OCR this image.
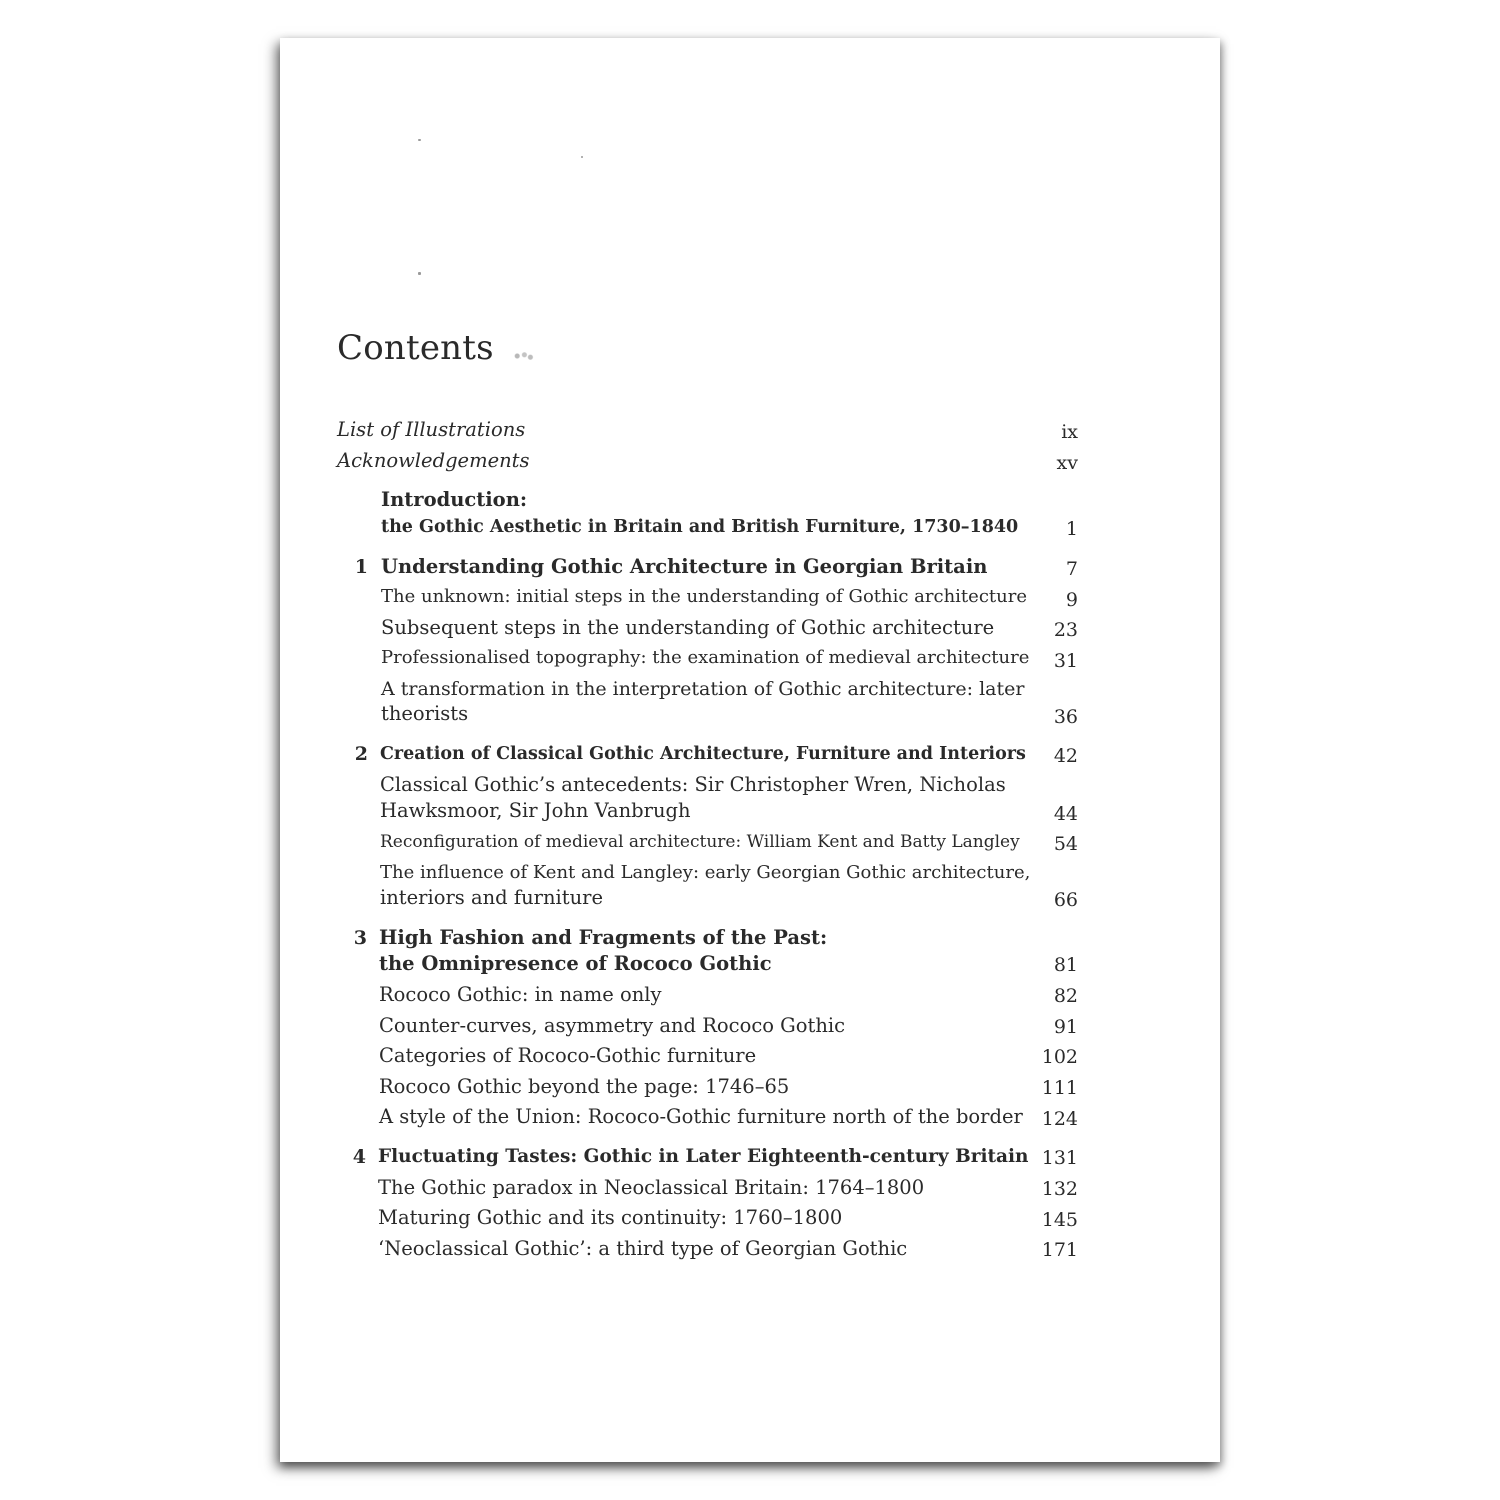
Contents
List of Illustrations	ix
Acknowledgements	xv
Introduction:
the Gothic Aesthetic in Britain and British Furniture, 1730–1840	1
1 Understanding Gothic Architecture in Georgian Britain	7
The unknown: initial steps in the understanding of Gothic architecture 9
Subsequent steps in the understanding of Gothic architecture	23
Professionalised topography: the examination of medieval architecture 31
A transformation in the interpretation of Gothic architecture: later
theorists	36
2 Creation of Classical Gothic Architecture, Furniture and Interiors 42
Classical Gothic’s antecedents: Sir Christopher Wren, Nicholas
Hawksmoor, Sir John Vanbrugh	44
Reconfiguration of medieval architecture: William Kent and Batty Langley 54
The influence of Kent and Langley: early Georgian Gothic architecture,
interiors and furniture	66
3 High Fashion and Fragments of the Past:
the Omnipresence of Rococo Gothic	81
Rococo Gothic: in name only	82
Counter-curves, asymmetry and Rococo Gothic	91
Categories of Rococo-Gothic furniture	102
Rococo Gothic beyond the page: 1746–65	111
A style of the Union: Rococo-Gothic furniture north of the border 124
4 Fluctuating Tastes: Gothic in Later Eighteenth-century Britain 131
The Gothic paradox in Neoclassical Britain: 1764–1800	132
Maturing Gothic and its continuity: 1760–1800	145
‘Neoclassical Gothic’: a third type of Georgian Gothic	171
